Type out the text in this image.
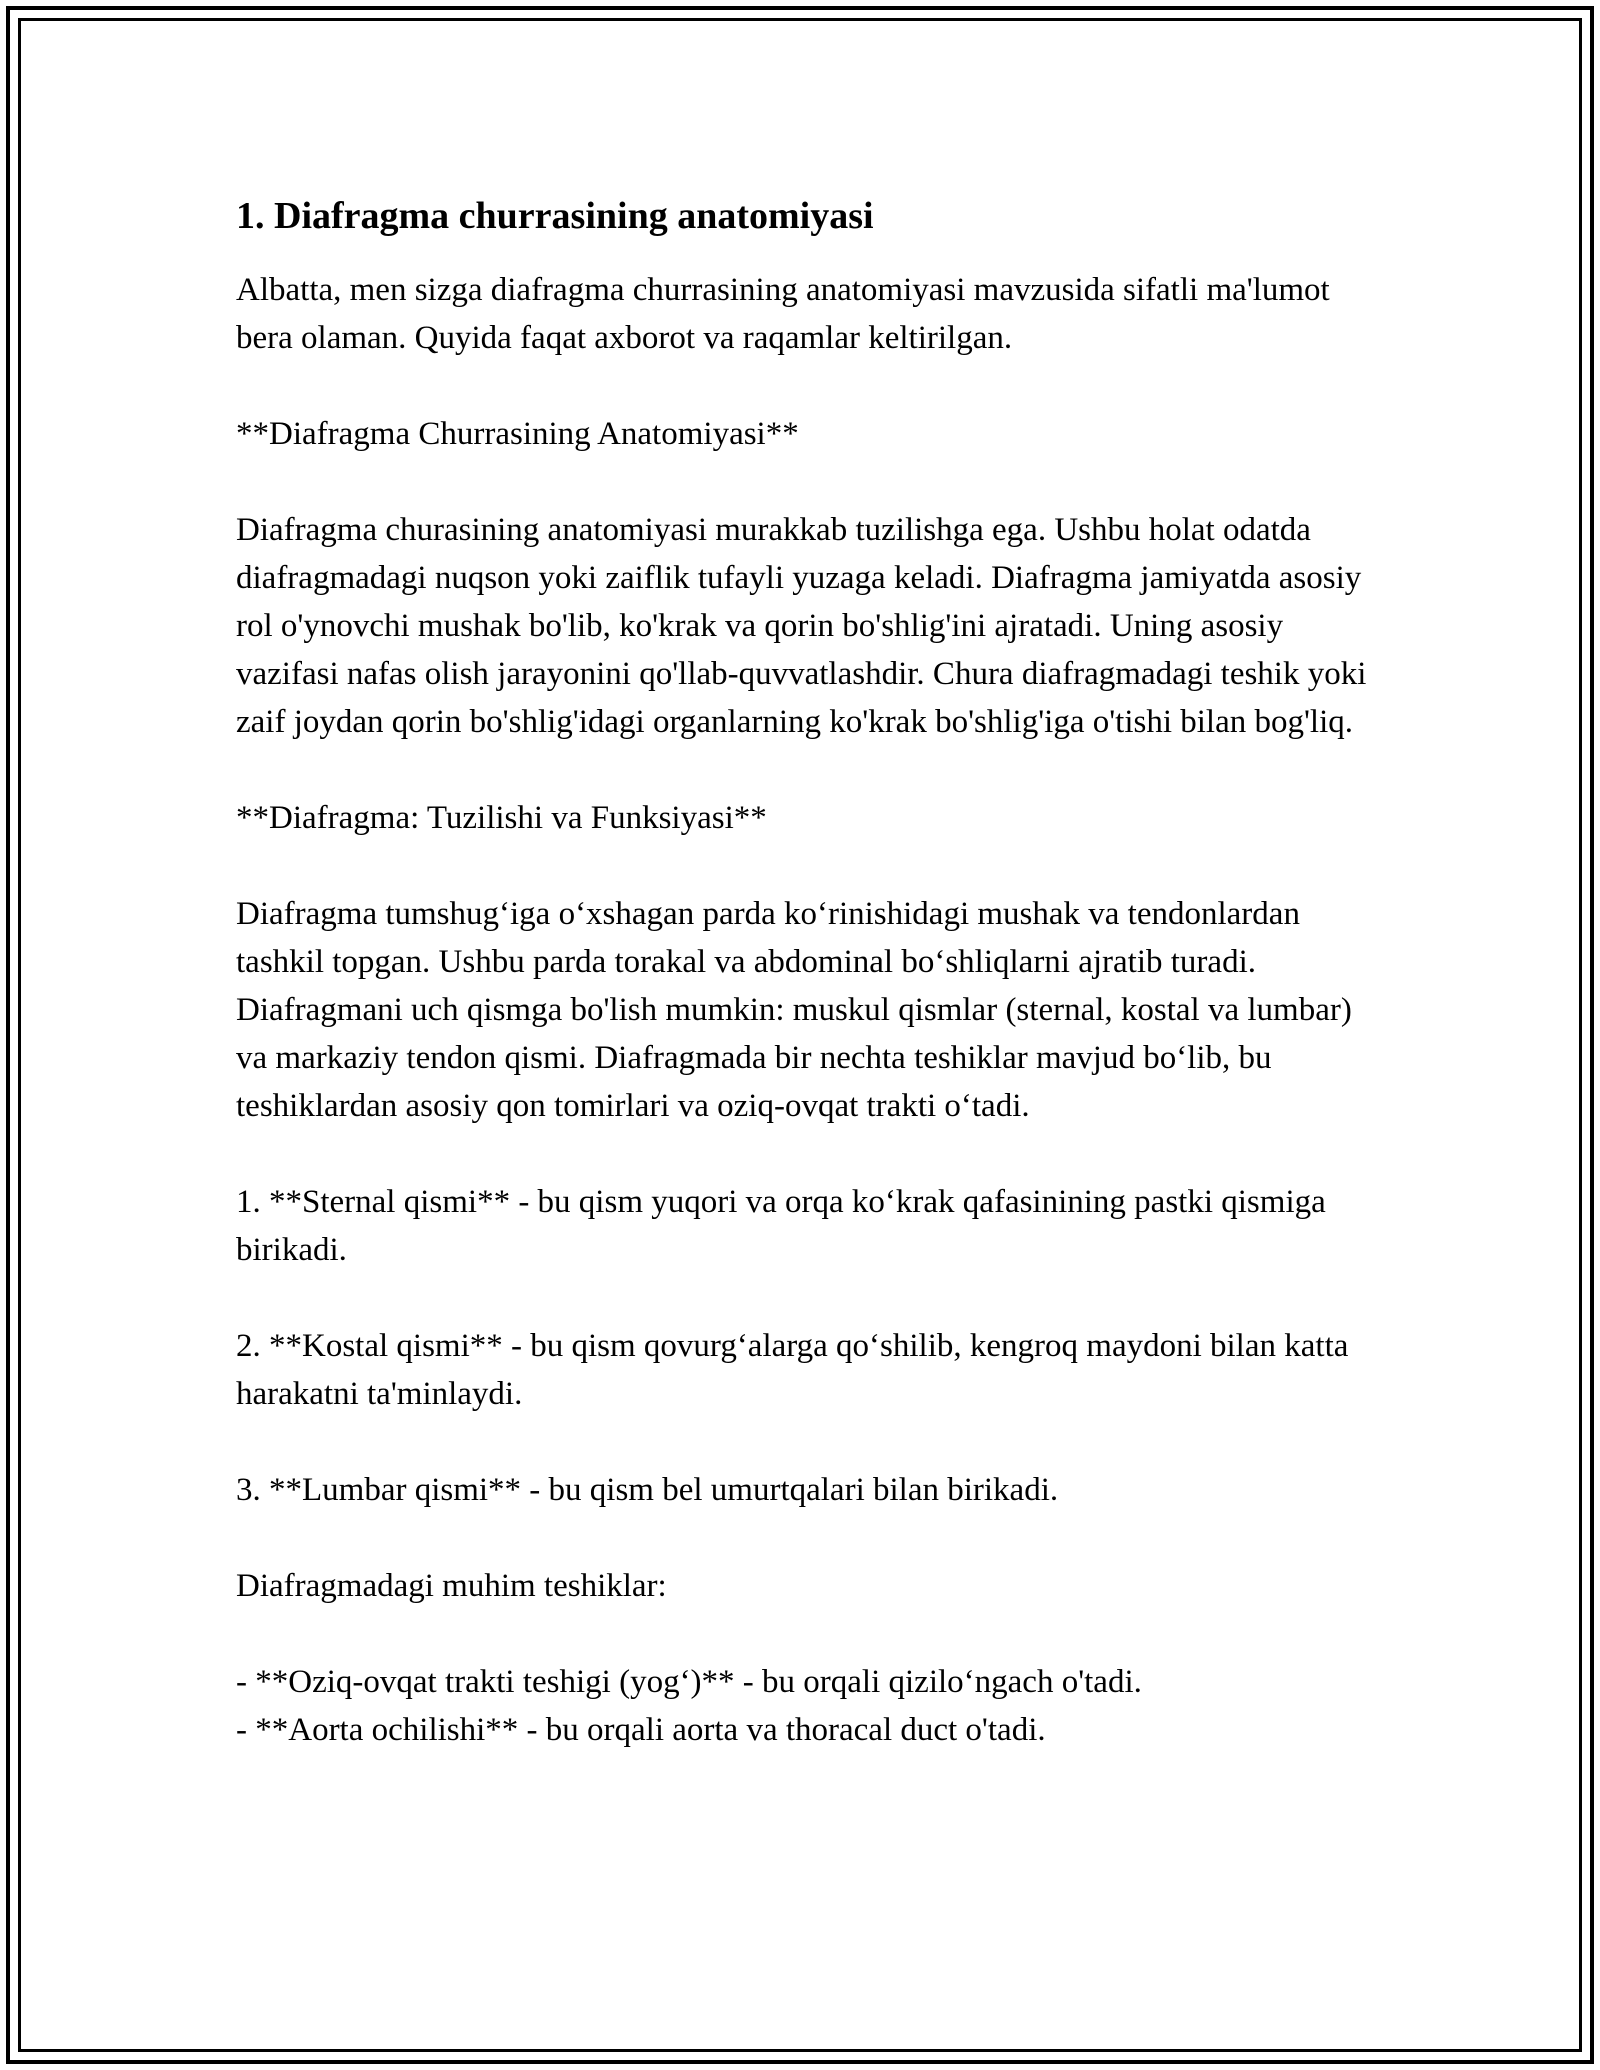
1. Diafragma churrasining anatomiyasi

Albatta, men sizga diafragma churrasining anatomiyasi mavzusida sifatli ma'lumot bera olaman. Quyida faqat axborot va raqamlar keltirilgan.

**Diafragma Churrasining Anatomiyasi**

Diafragma churasining anatomiyasi murakkab tuzilishga ega. Ushbu holat odatda diafragmadagi nuqson yoki zaiflik tufayli yuzaga keladi. Diafragma jamiyatda asosiy rol o'ynovchi mushak bo'lib, ko'krak va qorin bo'shlig'ini ajratadi. Uning asosiy vazifasi nafas olish jarayonini qo'llab-quvvatlashdir. Chura diafragmadagi teshik yoki zaif joydan qorin bo'shlig'idagi organlarning ko'krak bo'shlig'iga o'tishi bilan bog'liq.

**Diafragma: Tuzilishi va Funksiyasi**

Diafragma tumshug‘iga o‘xshagan parda ko‘rinishidagi mushak va tendonlardan tashkil topgan. Ushbu parda torakal va abdominal bo‘shliqlarni ajratib turadi. Diafragmani uch qismga bo'lish mumkin: muskul qismlar (sternal, kostal va lumbar) va markaziy tendon qismi. Diafragmada bir nechta teshiklar mavjud bo‘lib, bu teshiklardan asosiy qon tomirlari va oziq-ovqat trakti o‘tadi.

1. **Sternal qismi** - bu qism yuqori va orqa ko‘krak qafasinining pastki qismiga birikadi.

2. **Kostal qismi** - bu qism qovurg‘alarga qo‘shilib, kengroq maydoni bilan katta harakatni ta'minlaydi.

3. **Lumbar qismi** - bu qism bel umurtqalari bilan birikadi.

Diafragmadagi muhim teshiklar:

- **Oziq-ovqat trakti teshigi (yog‘)** - bu orqali qizilo‘ngach o'tadi.

- **Aorta ochilishi** - bu orqali aorta va thoracal duct o'tadi.
